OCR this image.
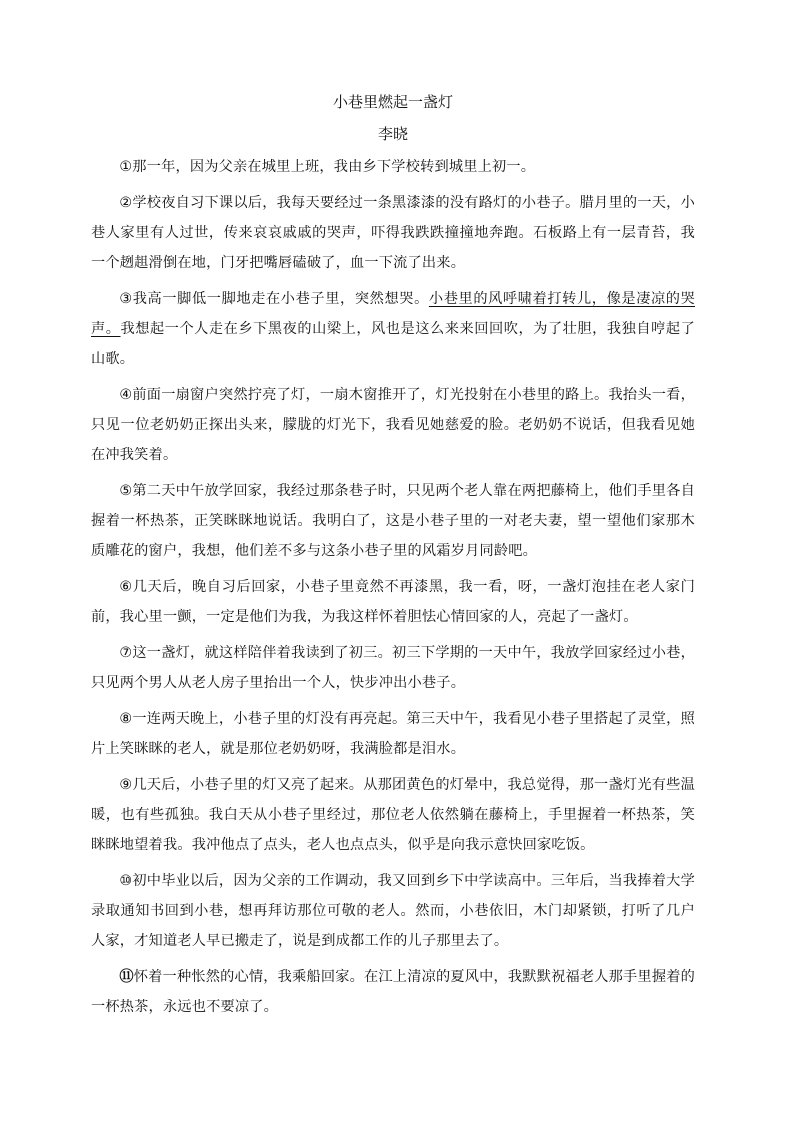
小巷里燃起一盏灯

李晓

①那一年，因为父亲在城里上班，我由乡下学校转到城里上初一。

②学校夜自习下课以后，我每天要经过一条黑漆漆的没有路灯的小巷子。腊月里的一天，小巷人家里有人过世，传来哀哀戚戚的哭声，吓得我跌跌撞撞地奔跑。石板路上有一层青苔，我一个趔趄滑倒在地，门牙把嘴唇磕破了，血一下流了出来。

③我高一脚低一脚地走在小巷子里，突然想哭。小巷里的风呼啸着打转儿，像是凄凉的哭声。我想起一个人走在乡下黑夜的山梁上，风也是这么来来回回吹，为了壮胆，我独自哼起了山歌。

④前面一扇窗户突然拧亮了灯，一扇木窗推开了，灯光投射在小巷里的路上。我抬头一看，只见一位老奶奶正探出头来，朦胧的灯光下，我看见她慈爱的脸。老奶奶不说话，但我看见她在冲我笑着。

⑤第二天中午放学回家，我经过那条巷子时，只见两个老人靠在两把藤椅上，他们手里各自握着一杯热茶，正笑眯眯地说话。我明白了，这是小巷子里的一对老夫妻，望一望他们家那木质雕花的窗户，我想，他们差不多与这条小巷子里的风霜岁月同龄吧。

⑥几天后，晚自习后回家，小巷子里竟然不再漆黑，我一看，呀，一盏灯泡挂在老人家门前，我心里一颤，一定是他们为我，为我这样怀着胆怯心情回家的人，亮起了一盏灯。

⑦这一盏灯，就这样陪伴着我读到了初三。初三下学期的一天中午，我放学回家经过小巷，只见两个男人从老人房子里抬出一个人，快步冲出小巷子。

⑧一连两天晚上，小巷子里的灯没有再亮起。第三天中午，我看见小巷子里搭起了灵堂，照片上笑眯眯的老人，就是那位老奶奶呀，我满脸都是泪水。

⑨几天后，小巷子里的灯又亮了起来。从那团黄色的灯晕中，我总觉得，那一盏灯光有些温暖，也有些孤独。我白天从小巷子里经过，那位老人依然躺在藤椅上，手里握着一杯热茶，笑眯眯地望着我。我冲他点了点头，老人也点点头，似乎是向我示意快回家吃饭。

⑩初中毕业以后，因为父亲的工作调动，我又回到乡下中学读高中。三年后，当我捧着大学录取通知书回到小巷，想再拜访那位可敬的老人。然而，小巷依旧，木门却紧锁，打听了几户人家，才知道老人早已搬走了，说是到成都工作的儿子那里去了。

⑪怀着一种怅然的心情，我乘船回家。在江上清凉的夏风中，我默默祝福老人那手里握着的一杯热茶，永远也不要凉了。
